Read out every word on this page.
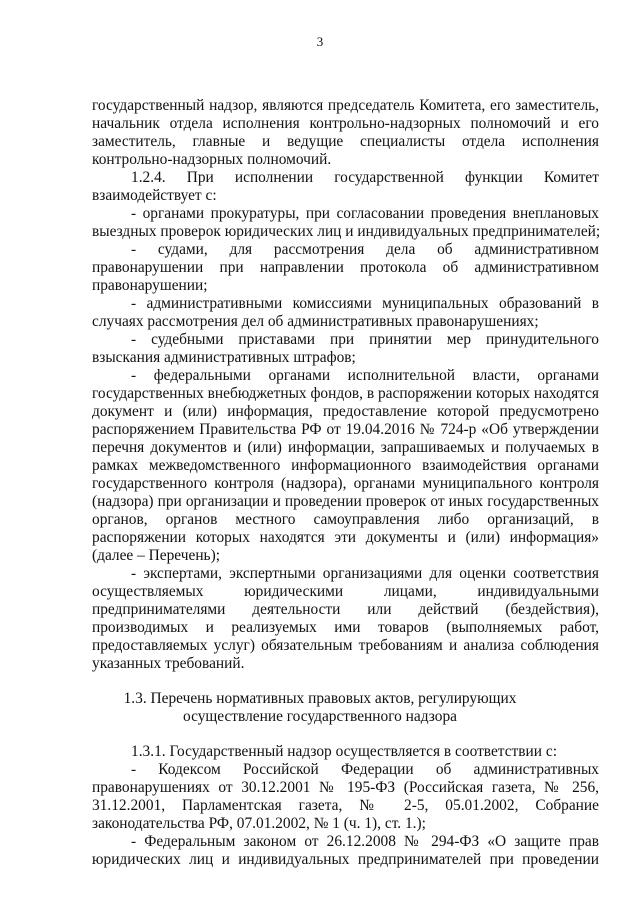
3
государственный надзор, являются председатель Комитета, его заместитель,
начальник отдела исполнения контрольно-надзорных полномочий и его
заместитель, главные и ведущие специалисты отдела исполнения
контрольно-надзорных полномочий.
1.2.4. При исполнении государственной функции Комитет
взаимодействует с:
- органами прокуратуры, при согласовании проведения внеплановых
выездных проверок юридических лиц и индивидуальных предпринимателей;
- судами, для рассмотрения дела об административном
правонарушении при направлении протокола об административном
правонарушении;
- административными комиссиями муниципальных образований в
случаях рассмотрения дел об административных правонарушениях;
- судебными приставами при принятии мер принудительного
взыскания административных штрафов;
- федеральными органами исполнительной власти, органами
государственных внебюджетных фондов, в распоряжении которых находятся
документ и (или) информация, предоставление которой предусмотрено
распоряжением Правительства РФ от 19.04.2016 № 724-р «Об утверждении
перечня документов и (или) информации, запрашиваемых и получаемых в
рамках межведомственного информационного взаимодействия органами
государственного контроля (надзора), органами муниципального контроля
(надзора) при организации и проведении проверок от иных государственных
органов, органов местного самоуправления либо организаций, в
распоряжении которых находятся эти документы и (или) информация»
(далее – Перечень);
- экспертами, экспертными организациями для оценки соответствия
осуществляемых юридическими лицами, индивидуальными
предпринимателями деятельности или действий (бездействия),
производимых и реализуемых ими товаров (выполняемых работ,
предоставляемых услуг) обязательным требованиям и анализа соблюдения
указанных требований.
1.3. Перечень нормативных правовых актов, регулирующих
осуществление государственного надзора
1.3.1. Государственный надзор осуществляется в соответствии с:
- Кодексом Российской Федерации об административных
правонарушениях от 30.12.2001 № 195-ФЗ (Российская газета, № 256,
31.12.2001, Парламентская газета, № 2-5, 05.01.2002, Собрание
законодательства РФ, 07.01.2002, № 1 (ч. 1), ст. 1.);
- Федеральным законом от 26.12.2008 № 294-ФЗ «О защите прав
юридических лиц и индивидуальных предпринимателей при проведении
